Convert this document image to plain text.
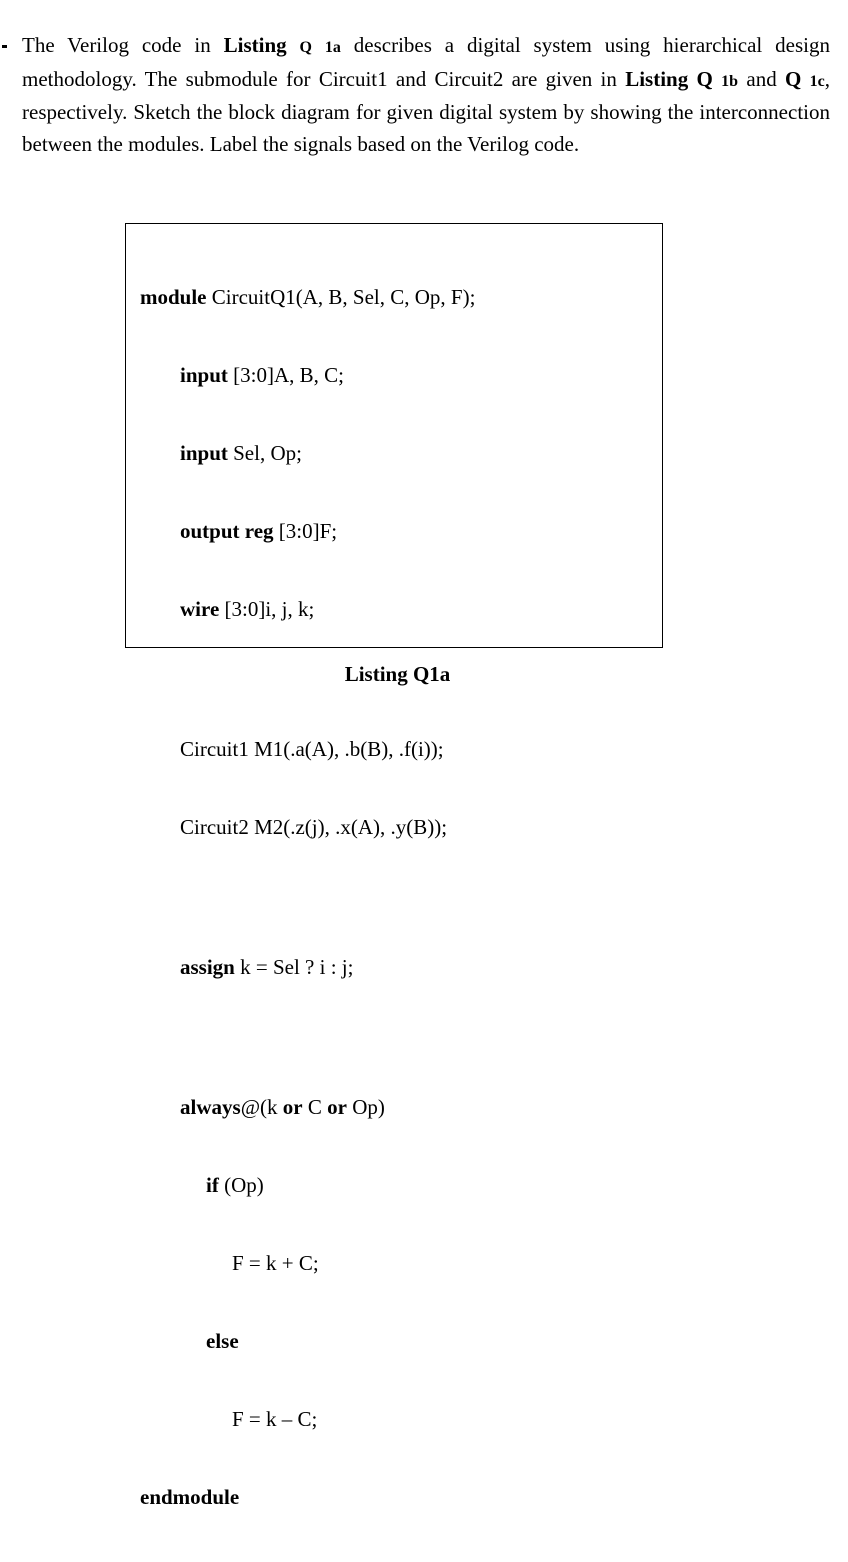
The Verilog code in Listing Q 1a describes a digital system using hierarchical design methodology. The submodule for Circuit1 and Circuit2 are given in Listing Q 1b and Q 1c, respectively. Sketch the block diagram for given digital system by showing the interconnection between the modules. Label the signals based on the Verilog code.

module CircuitQ1(A, B, Sel, C, Op, F);

input [3:0]A, B, C;

input Sel, Op;

output reg [3:0]F;

wire [3:0]i, j, k;

Circuit1 M1(.a(A), .b(B), .f(i));

Circuit2 M2(.z(j), .x(A), .y(B));

assign k = Sel ? i : j;

always@(k or C or Op)

if (Op)

F = k + C;

else

F = k – C;

endmodule

Listing Q1a
